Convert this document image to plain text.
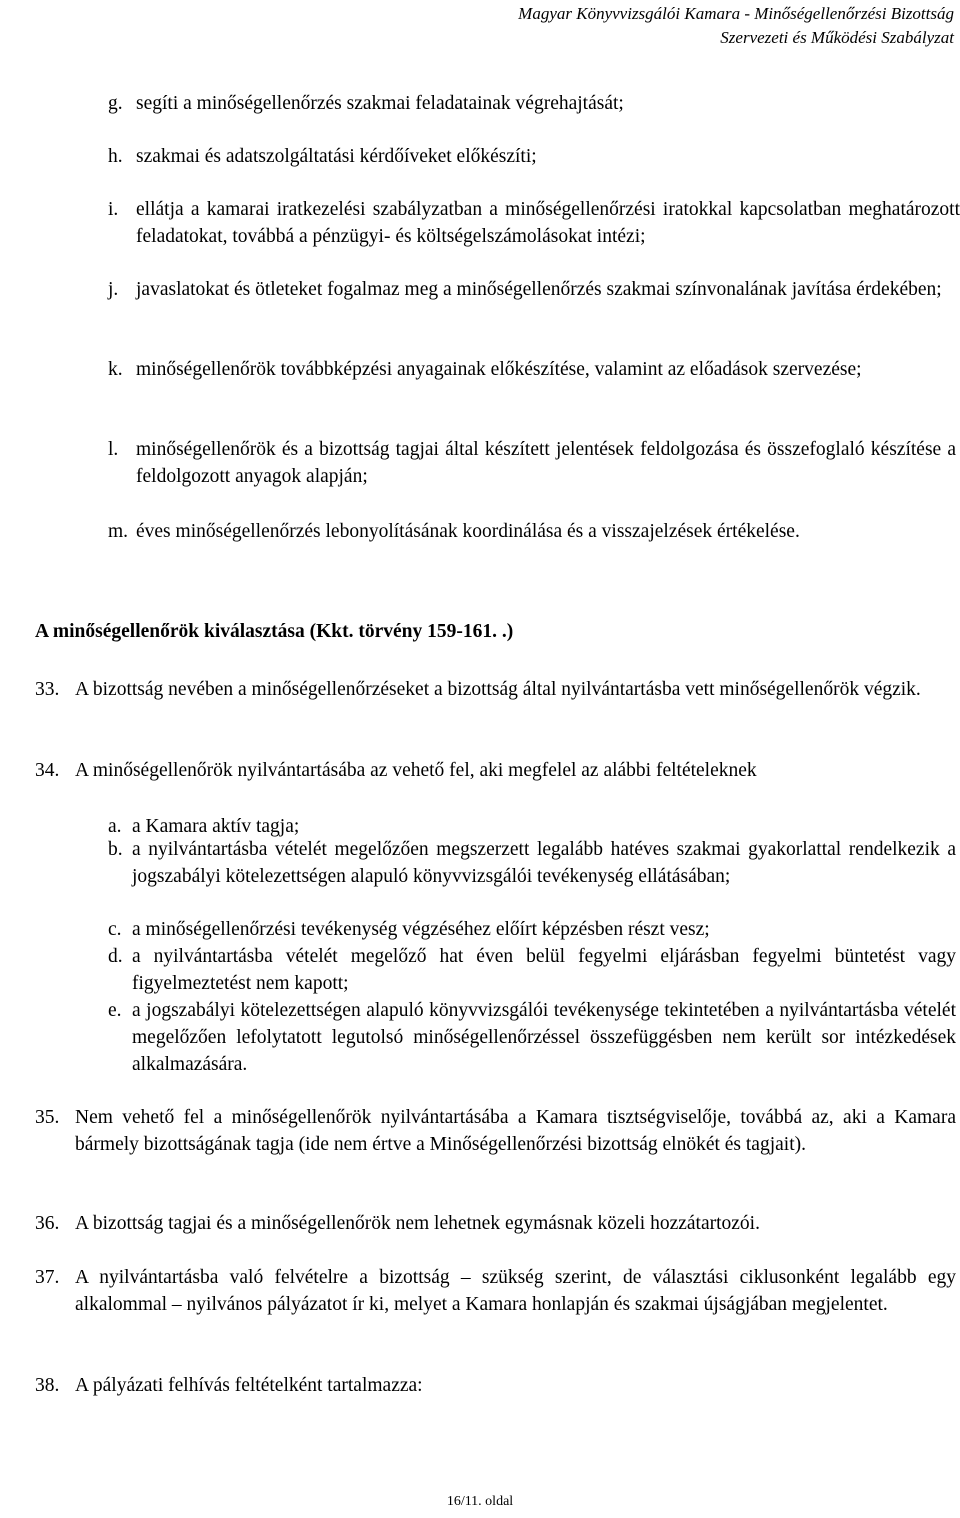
Magyar Könyvvizsgálói Kamara - Minőségellenőrzési Bizottság
Szervezeti és Működési Szabályzat
g. segíti a minőségellenőrzés szakmai feladatainak végrehajtását;
h. szakmai és adatszolgáltatási kérdőíveket előkészíti;
i. ellátja a kamarai iratkezelési szabályzatban a minőségellenőrzési iratokkal kapcsolatban meghatározott feladatokat, továbbá a pénzügyi- és költségelszámolásokat intézi;
j. javaslatokat és ötleteket fogalmaz meg a minőségellenőrzés szakmai színvonalának javítása érdekében;
k. minőségellenőrök továbbképzési anyagainak előkészítése, valamint az előadások szervezése;
l. minőségellenőrök és a bizottság tagjai által készített jelentések feldolgozása és összefoglaló készítése a feldolgozott anyagok alapján;
m. éves minőségellenőrzés lebonyolításának koordinálása és a visszajelzések értékelése.
A minőségellenőrök kiválasztása (Kkt. törvény 159-161. .)
33. A bizottság nevében a minőségellenőrzéseket a bizottság által nyilvántartásba vett minőségellenőrök végzik.
34. A minőségellenőrök nyilvántartásába az vehető fel, aki megfelel az alábbi feltételeknek
a. a Kamara aktív tagja;
b. a nyilvántartásba vételét megelőzően megszerzett legalább hatéves szakmai gyakorlattal rendelkezik a jogszabályi kötelezettségen alapuló könyvvizsgálói tevékenység ellátásában;
c. a minőségellenőrzési tevékenység végzéséhez előírt képzésben részt vesz;
d. a nyilvántartásba vételét megelőző hat éven belül fegyelmi eljárásban fegyelmi büntetést vagy figyelmeztetést nem kapott;
e. a jogszabályi kötelezettségen alapuló könyvvizsgálói tevékenysége tekintetében a nyilvántartásba vételét megelőzően lefolytatott legutolsó minőségellenőrzéssel összefüggésben nem került sor intézkedések alkalmazására.
35. Nem vehető fel a minőségellenőrök nyilvántartásába a Kamara tisztségviselője, továbbá az, aki a Kamara bármely bizottságának tagja (ide nem értve a Minőségellenőrzési bizottság elnökét és tagjait).
36. A bizottság tagjai és a minőségellenőrök nem lehetnek egymásnak közeli hozzátartozói.
37. A nyilvántartásba való felvételre a bizottság – szükség szerint, de választási ciklusonként legalább egy alkalommal – nyilvános pályázatot ír ki, melyet a Kamara honlapján és szakmai újságjában megjelentet.
38. A pályázati felhívás feltételként tartalmazza:
16/11. oldal
